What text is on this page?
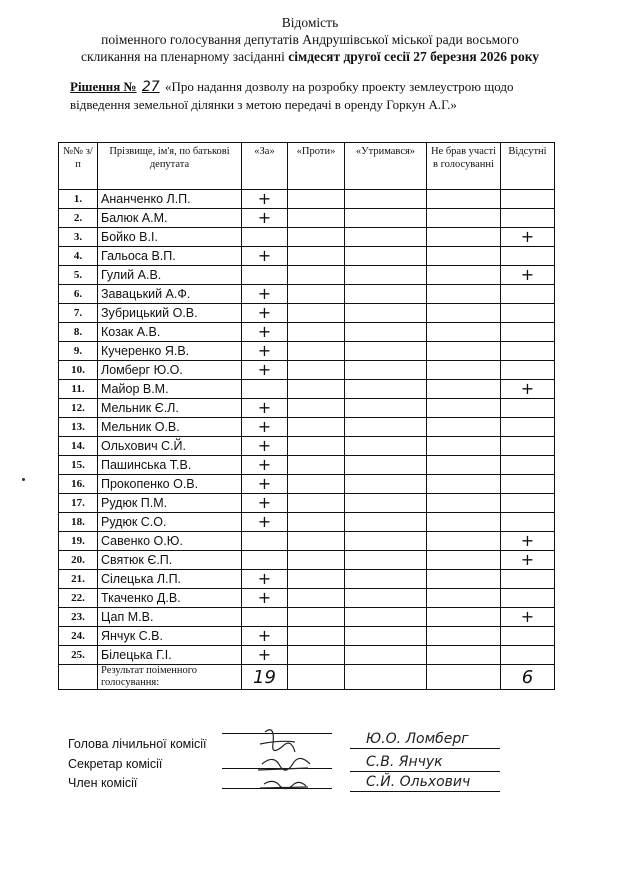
Відомість
поіменного голосування депутатів Андрушівської міської ради восьмого
скликання на пленарному засіданні сімдесят другої сесії 27 березня 2026 року
Рішення № 27 «Про надання дозволу на розробку проекту землеустрою щодо
відведення земельної ділянки з метою передачі в оренду Горкун А.Г.»
№№ з/п	Прізвище, ім'я, по батькові депутата	«За»	«Проти»	«Утримався»	Не брав участі в голосуванні	Відсутні
1.	Ананченко Л.П.	+				
2.	Балюк А.М.	+				
3.	Бойко В.І.					+
4.	Гальоса В.П.	+				
5.	Гулий А.В.					+
6.	Завацький А.Ф.	+				
7.	Зубрицький О.В.	+				
8.	Козак А.В.	+				
9.	Кучеренко Я.В.	+				
10.	Ломберг Ю.О.	+				
11.	Майор В.М.					+
12.	Мельник Є.Л.	+				
13.	Мельник О.В.	+				
14.	Ольхович С.Й.	+				
15.	Пашинська Т.В.	+				
16.	Прокопенко О.В.	+				
17.	Рудюк П.М.	+				
18.	Рудюк С.О.	+				
19.	Савенко О.Ю.					+
20.	Святюк Є.П.					+
21.	Сілецька Л.П.	+				
22.	Ткаченко Д.В.	+				
23.	Цап М.В.					+
24.	Янчук С.В.	+				
25.	Білецька Г.І.	+				
	Результат поіменного голосування:	19				6
Голова лічильної комісії
Секретар комісії
Член комісії
Ю.О. Ломберг
С.В. Янчук
С.Й. Ольхович
